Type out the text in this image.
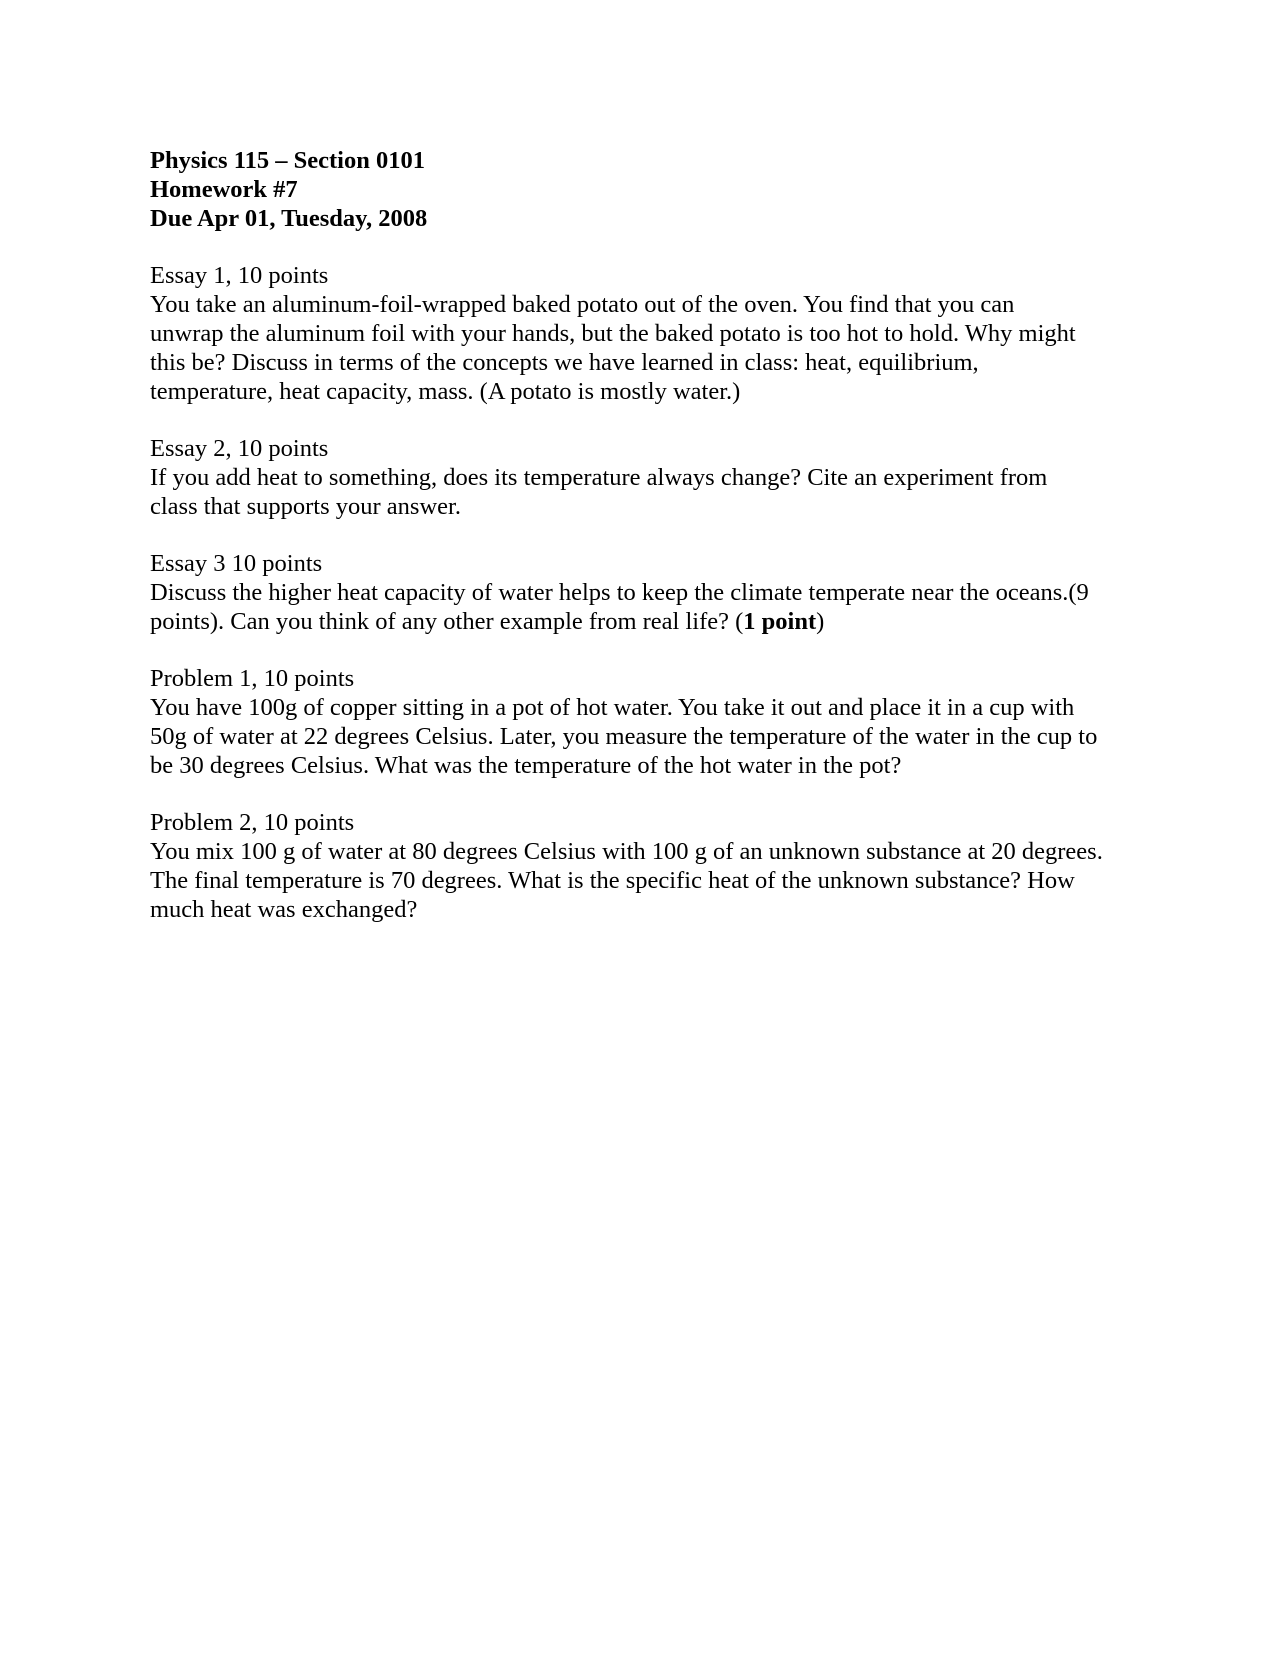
Physics 115 – Section 0101
Homework #7
Due Apr 01, Tuesday, 2008
Essay 1, 10 points
You take an aluminum-foil-wrapped baked potato out of the oven. You find that you can
unwrap the aluminum foil with your hands, but the baked potato is too hot to hold. Why might
this be? Discuss in terms of the concepts we have learned in class: heat, equilibrium,
temperature, heat capacity, mass. (A potato is mostly water.)
Essay 2, 10 points
If you add heat to something, does its temperature always change? Cite an experiment from
class that supports your answer.
Essay 3 10 points
Discuss the higher heat capacity of water helps to keep the climate temperate near the oceans.(9
points). Can you think of any other example from real life? (1 point)
Problem 1, 10 points
You have 100g of copper sitting in a pot of hot water. You take it out and place it in a cup with
50g of water at 22 degrees Celsius. Later, you measure the temperature of the water in the cup to
be 30 degrees Celsius. What was the temperature of the hot water in the pot?
Problem 2, 10 points
You mix 100 g of water at 80 degrees Celsius with 100 g of an unknown substance at 20 degrees.
The final temperature is 70 degrees. What is the specific heat of the unknown substance? How
much heat was exchanged?
